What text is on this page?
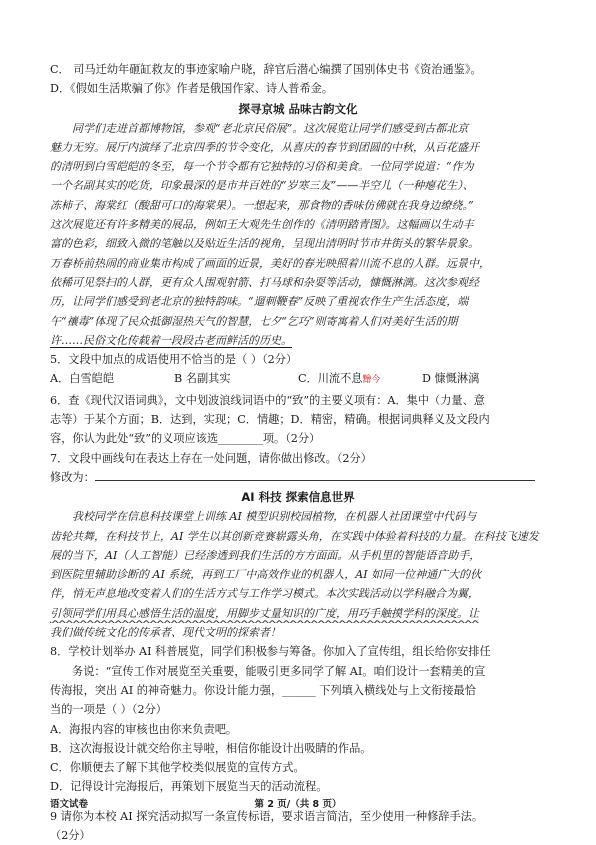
C． 司马迁幼年砸缸救友的事迹家喻户晓，辞官后潜心编撰了国别体史书《资治通鉴》。
D．《假如生活欺骗了你》作者是俄国作家、诗人普希金。
探寻京城 品味古韵文化
同学们走进首都博物馆，参观“老北京民俗展”。这次展览让同学们感受到古都北京
魅力无穷。展厅内演绎了北京四季的节令变化，从喜庆的春节到团圆的中秋，从百花盛开
的清明到白雪皑皑的冬至，每一个节令都有它独特的习俗和美食。一位同学说道：“作为
一个名副其实的吃货，印象最深的是市井百姓的“岁寒三友”——半空儿（一种瘪花生）、
冻柿子、海棠红（酸甜可口的海棠果）。一想起来，那食物的香味仿佛就在我身边缭绕。”
这次展览还有许多精美的展品，例如王大观先生创作的《清明踏青图》。这幅画以生动丰
富的色彩，细致入微的笔触以及贴近生活的视角，呈现出清明时节市井街头的繁华景象。
万春桥前热闹的商业集市构成了画面的近景，美好的春光映照着川流不息的人群。远景中，
依稀可见祭扫的人群，更有众人围观射箭、打马球和杂耍等活动，慷慨淋漓。这次参观经
历，让同学们感受到老北京的独特韵味。“遛刺鞭春”反映了重视农作生产生活态度，端
午“禳毒”体现了民众抵御湿热天气的智慧，七夕“乞巧”则寄寓着人们对美好生活的期
许……民俗文化传载着一段段古老而鲜活的历史。
5．文段中加点的成语使用不恰当的是（ ）（2分）
A．白雪皑皑	B 名副其实	C．川流不息䵳今	D 慷慨淋漓
6．查《现代汉语词典》，文中划波浪线词语中的“致”的主要义项有：A．集中（力量、意
志等）于某个方面；B．达到，实现；C．情趣；D．精密，精确。根据词典释义及文段内
容，你认为此处“致”的义项应该选________项。（2分）
7．文段中画线句在表达上存在一处问题，请你做出修改。（2分）
修改为：
AI 科技 探索信息世界
我校同学在信息科技课堂上训练 AI 模型识别校园植物，在机器人社团课堂中代码与
齿轮共舞，在科技节上，AI 学生以其创新竞赛崭露头角，在实践中体验着科技的力量。在科技飞速发
展的当下，AI（人工智能）已经渗透到我们生活的方方面面。从手机里的智能语音助手，
到医院里辅助诊断的 AI 系统，再到工厂中高效作业的机器人，AI 如同一位神通广大的伙
伴，悄无声息地改变着人们的生活方式与工作学习模式。本次实践活动以学科融合为翼，
引领同学们用具心感悟生活的温度，用脚步丈量知识的广度，用巧手触摸学科的深度。让
我们做传统文化的传承者、现代文明的探索者！
8．学校计划举办 AI 科普展览，同学们积极参与筹备。你加入了宣传组，组长给你安排任
务说：“宣传工作对展览至关重要，能吸引更多同学了解 AI。咱们设计一套精美的宣
传海报，突出 AI 的神奇魅力。你设计能力强，______ 下列填入横线处与上文衔接最恰
当的一项是（ ）（2分）
A．海报内容的审核也由你来负责吧。
B．这次海报设计就交给你主导啦，相信你能设计出吸睛的作品。
C．你顺便去了解下其他学校类似展览的宣传方式。
D．记得设计完海报后，再策划下展览当天的活动流程。
9 请你为本校 AI 探究活动拟写一条宣传标语，要求语言简洁，至少使用一种修辞手法。
（2分）
语文试卷	第 2 页/（共 8 页）
